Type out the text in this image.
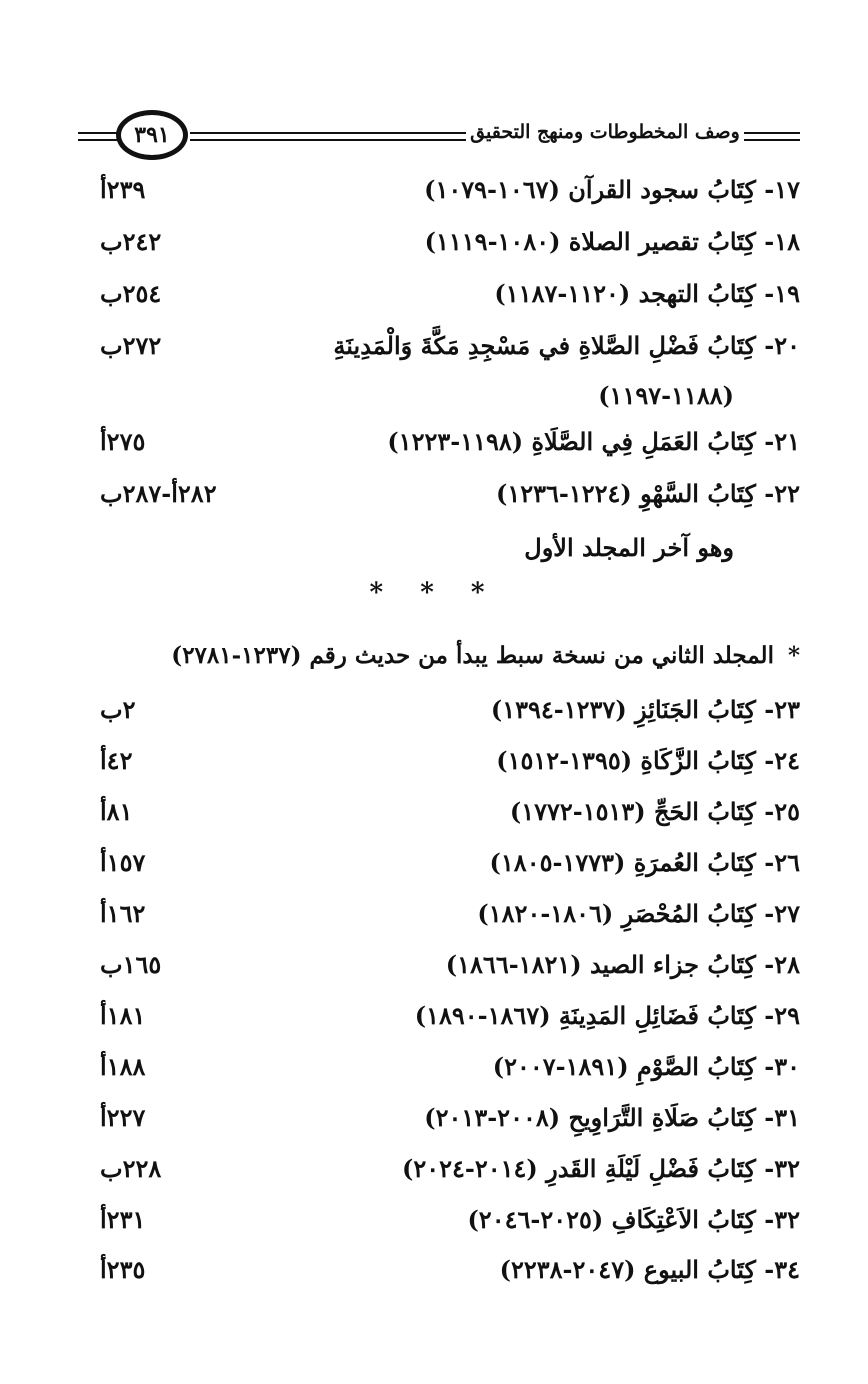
٣٩١	وصف المخطوطات ومنهج التحقيق
١٧- كِتَابُ سجود القرآن (١٠٦٧-١٠٧٩)
٢٣٩أ
١٨- كِتَابُ تقصير الصلاة (١٠٨٠-١١١٩)
٢٤٢ب
١٩- كِتَابُ التهجد (١١٢٠-١١٨٧)
٢٥٤ب
٢٠- كِتَابُ فَضْلِ الصَّلاةِ في مَسْجِدِ مَكَّةَ وَالْمَدِينَةِ
٢٧٢ب
(١١٨٨-١١٩٧)
٢١- كِتَابُ العَمَلِ فِي الصَّلَاةِ (١١٩٨-١٢٢٣)
٢٧٥أ
٢٢- كِتَابُ السَّهْوِ (١٢٢٤-١٢٣٦)
٢٨٢أ-٢٨٧ب
وهو آخر المجلد الأول
* * *
*المجلد الثاني من نسخة سبط يبدأ من حديث رقم (١٢٣٧-٢٧٨١)
٢٣- كِتَابُ الجَنَائِزِ (١٢٣٧-١٣٩٤)
٢ب
٢٤- كِتَابُ الزَّكَاةِ (١٣٩٥-١٥١٢)
٤٢أ
٢٥- كِتَابُ الحَجِّ (١٥١٣-١٧٧٢)
٨١أ
٢٦- كِتَابُ العُمرَةِ (١٧٧٣-١٨٠٥)
١٥٧أ
٢٧- كِتَابُ المُحْصَرِ (١٨٠٦-١٨٢٠)
١٦٢أ
٢٨- كِتَابُ جزاء الصيد (١٨٢١-١٨٦٦)
١٦٥ب
٢٩- كِتَابُ فَضَائِلِ المَدِينَةِ (١٨٦٧-١٨٩٠)
١٨١أ
٣٠- كِتَابُ الصَّوْمِ (١٨٩١-٢٠٠٧)
١٨٨أ
٣١- كِتَابُ صَلَاةِ التَّرَاوِيحِ (٢٠٠٨-٢٠١٣)
٢٢٧أ
٣٢- كِتَابُ فَضْلِ لَيْلَةِ القَدرِ (٢٠١٤-٢٠٢٤)
٢٢٨ب
٣٢- كِتَابُ الاَعْتِكَافِ (٢٠٢٥-٢٠٤٦)
٢٣١أ
٣٤- كِتَابُ البيوع (٢٠٤٧-٢٢٣٨)
٢٣٥أ
